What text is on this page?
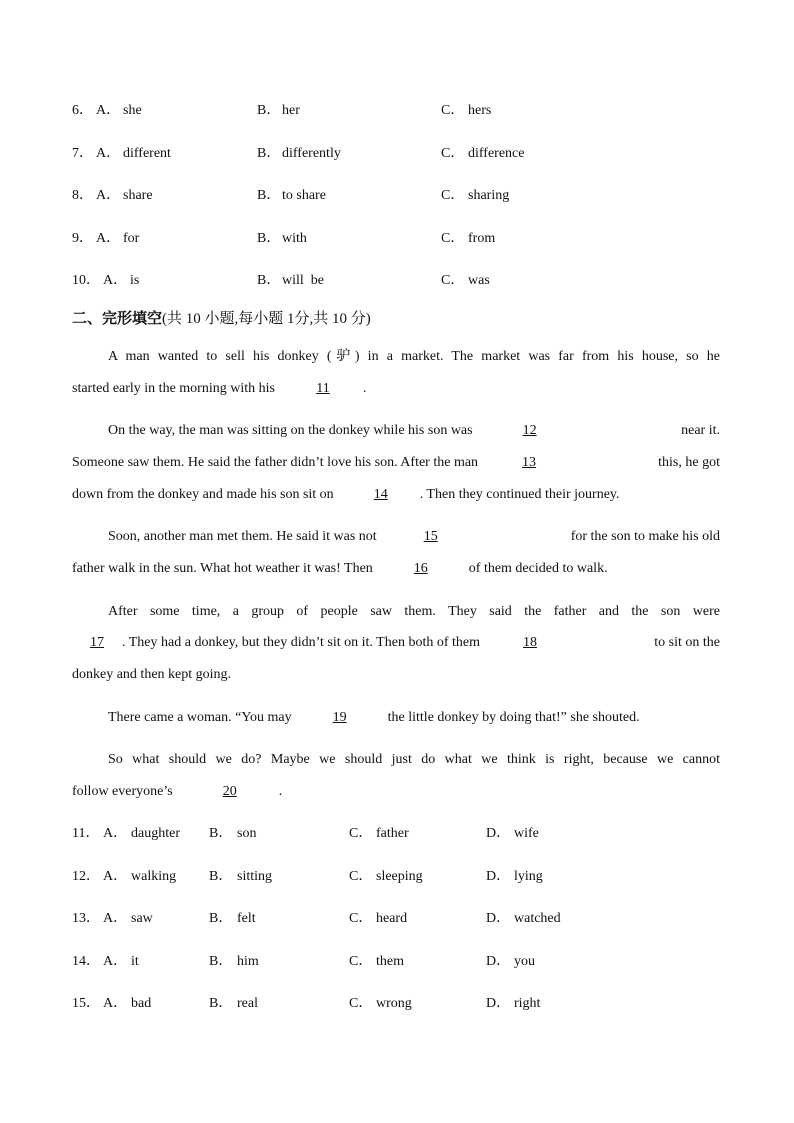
6． A． she	B． her	C． hers
7． A． different	B． differently	C． difference
8． A． share	B． to share	C． sharing
9． A． for	B． with	C． from
10． A． is	B． will  be	C． was
二、完形填空(共 10 小题,每小题 1分,共 10 分)
A man wanted to sell his donkey (驴) in a market. The market was far from his house, so he
started early in the morning with his	11 .
On the way, the man was sitting on the donkey while his son was	12	near it.
Someone saw them. He said the father didn’t love his son. After the man	13	this, he got
down from the donkey and made his son sit on	14 . Then they continued their journey.
Soon, another man met them. He said it was not	15	for the son to make his old
father walk in the sun. What hot weather it was! Then	16	of them decided to walk.
After some time, a group of people saw them. They said the father and the son were
17 . They had a donkey, but they didn’t sit on it. Then both of them	18	to sit on the
donkey and then kept going.
There came a woman. “You may	19	the little donkey by doing that!” she shouted.
So what should we do? Maybe we should just do what we think is right, because we cannot
follow everyone’s	20	.
11． A． daughter B． son	C． father	D． wife
12． A． walking B． sitting	C． sleeping	D． lying
13． A． saw	B． felt	C． heard	D． watched
14． A． it	B． him	C． them	D． you
15． A． bad	B． real	C． wrong	D． right
